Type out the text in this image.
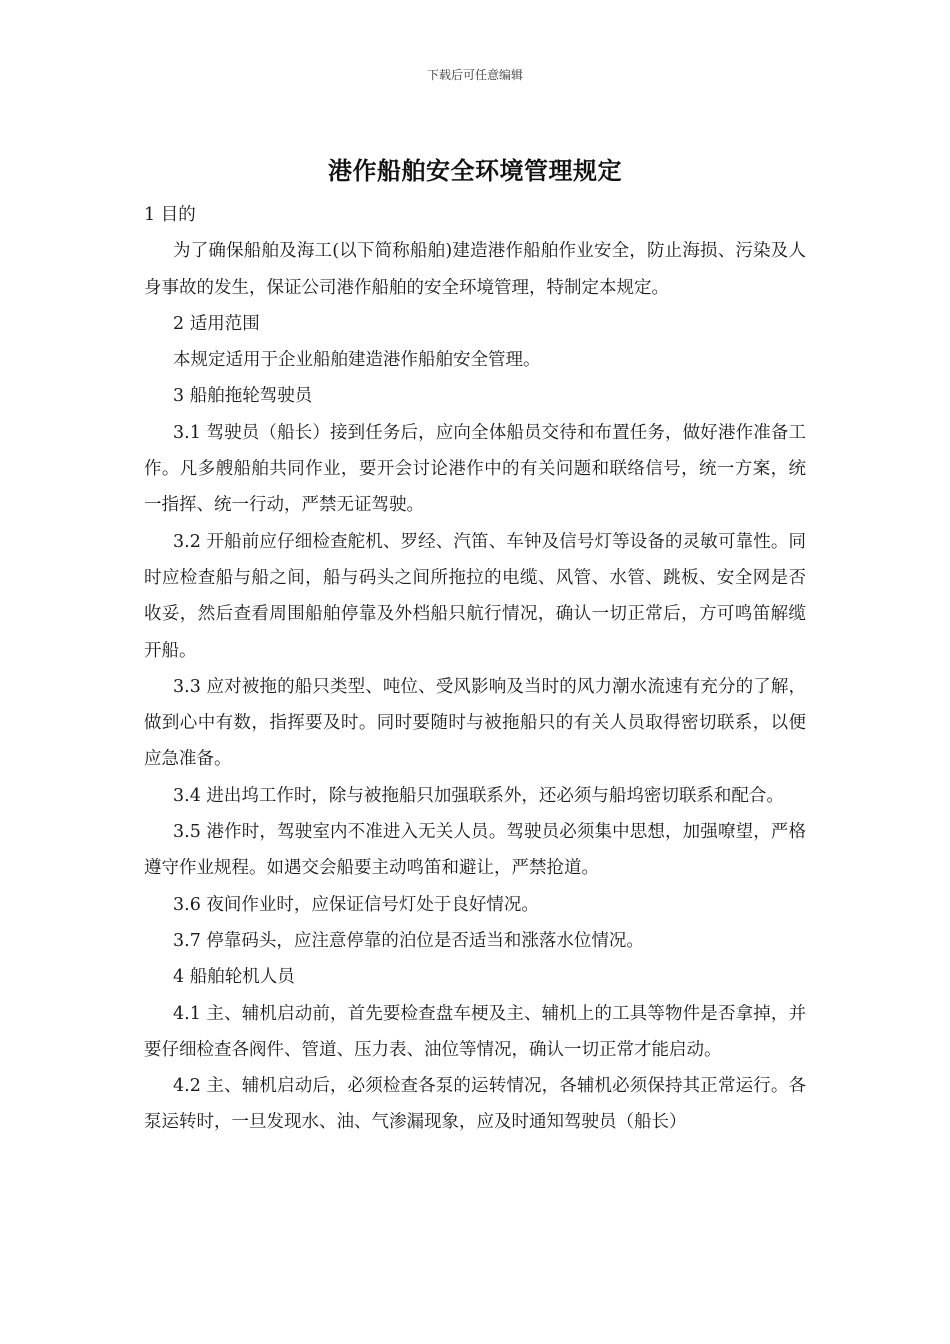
下载后可任意编辑
港作船舶安全环境管理规定

1 目的

为了确保船舶及海工(以下简称船舶)建造港作船舶作业安全，防止海损、污染及人身事故的发生，保证公司港作船舶的安全环境管理，特制定本规定。

2 适用范围

本规定适用于企业船舶建造港作船舶安全管理。

3 船舶拖轮驾驶员

3.1 驾驶员（船长）接到任务后，应向全体船员交待和布置任务，做好港作准备工作。凡多艘船舶共同作业，要开会讨论港作中的有关问题和联络信号，统一方案，统一指挥、统一行动，严禁无证驾驶。

3.2 开船前应仔细检查舵机、罗经、汽笛、车钟及信号灯等设备的灵敏可靠性。同时应检查船与船之间，船与码头之间所拖拉的电缆、风管、水管、跳板、安全网是否收妥，然后查看周围船舶停靠及外档船只航行情况，确认一切正常后，方可鸣笛解缆开船。

3.3 应对被拖的船只类型、吨位、受风影响及当时的风力潮水流速有充分的了解，做到心中有数，指挥要及时。同时要随时与被拖船只的有关人员取得密切联系，以便应急准备。

3.4 进出坞工作时，除与被拖船只加强联系外，还必须与船坞密切联系和配合。

3.5 港作时，驾驶室内不准进入无关人员。驾驶员必须集中思想，加强嘹望，严格遵守作业规程。如遇交会船要主动鸣笛和避让，严禁抢道。

3.6 夜间作业时，应保证信号灯处于良好情况。

3.7 停靠码头，应注意停靠的泊位是否适当和涨落水位情况。

4 船舶轮机人员

4.1 主、辅机启动前，首先要检查盘车梗及主、辅机上的工具等物件是否拿掉，并要仔细检查各阀件、管道、压力表、油位等情况，确认一切正常才能启动。

4.2 主、辅机启动后，必须检查各泵的运转情况，各辅机必须保持其正常运行。各泵运转时，一旦发现水、油、气渗漏现象，应及时通知驾驶员（船长）
